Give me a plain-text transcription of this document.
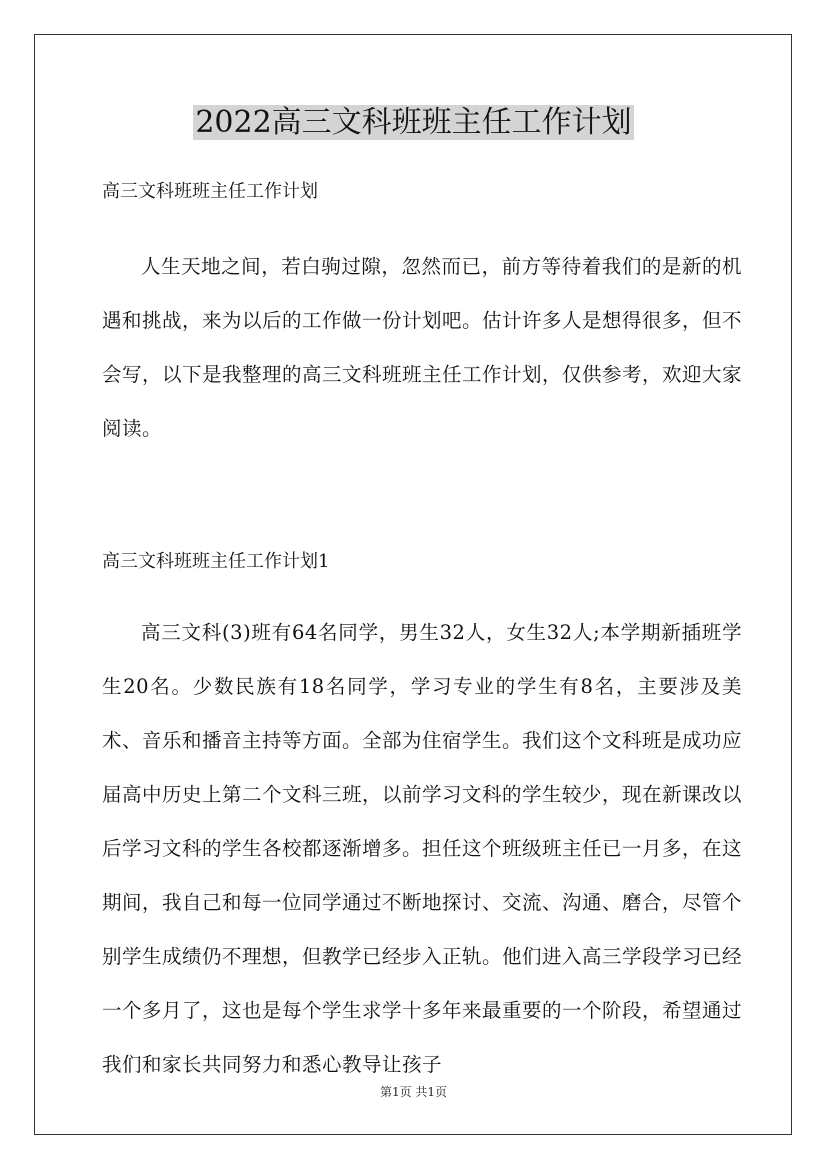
2022高三文科班班主任工作计划

高三文科班班主任工作计划

人生天地之间，若白驹过隙，忽然而已，前方等待着我们的是新的机遇和挑战，来为以后的工作做一份计划吧。估计许多人是想得很多，但不会写，以下是我整理的高三文科班班主任工作计划，仅供参考，欢迎大家阅读。

高三文科班班主任工作计划1

高三文科(3)班有64名同学，男生32人，女生32人;本学期新插班学生20名。少数民族有18名同学，学习专业的学生有8名，主要涉及美术、音乐和播音主持等方面。全部为住宿学生。我们这个文科班是成功应届高中历史上第二个文科三班，以前学习文科的学生较少，现在新课改以后学习文科的学生各校都逐渐增多。担任这个班级班主任已一月多，在这期间，我自己和每一位同学通过不断地探讨、交流、沟通、磨合，尽管个别学生成绩仍不理想，但教学已经步入正轨。他们进入高三学段学习已经一个多月了，这也是每个学生求学十多年来最重要的一个阶段，希望通过我们和家长共同努力和悉心教导让孩子

第1页 共1页
